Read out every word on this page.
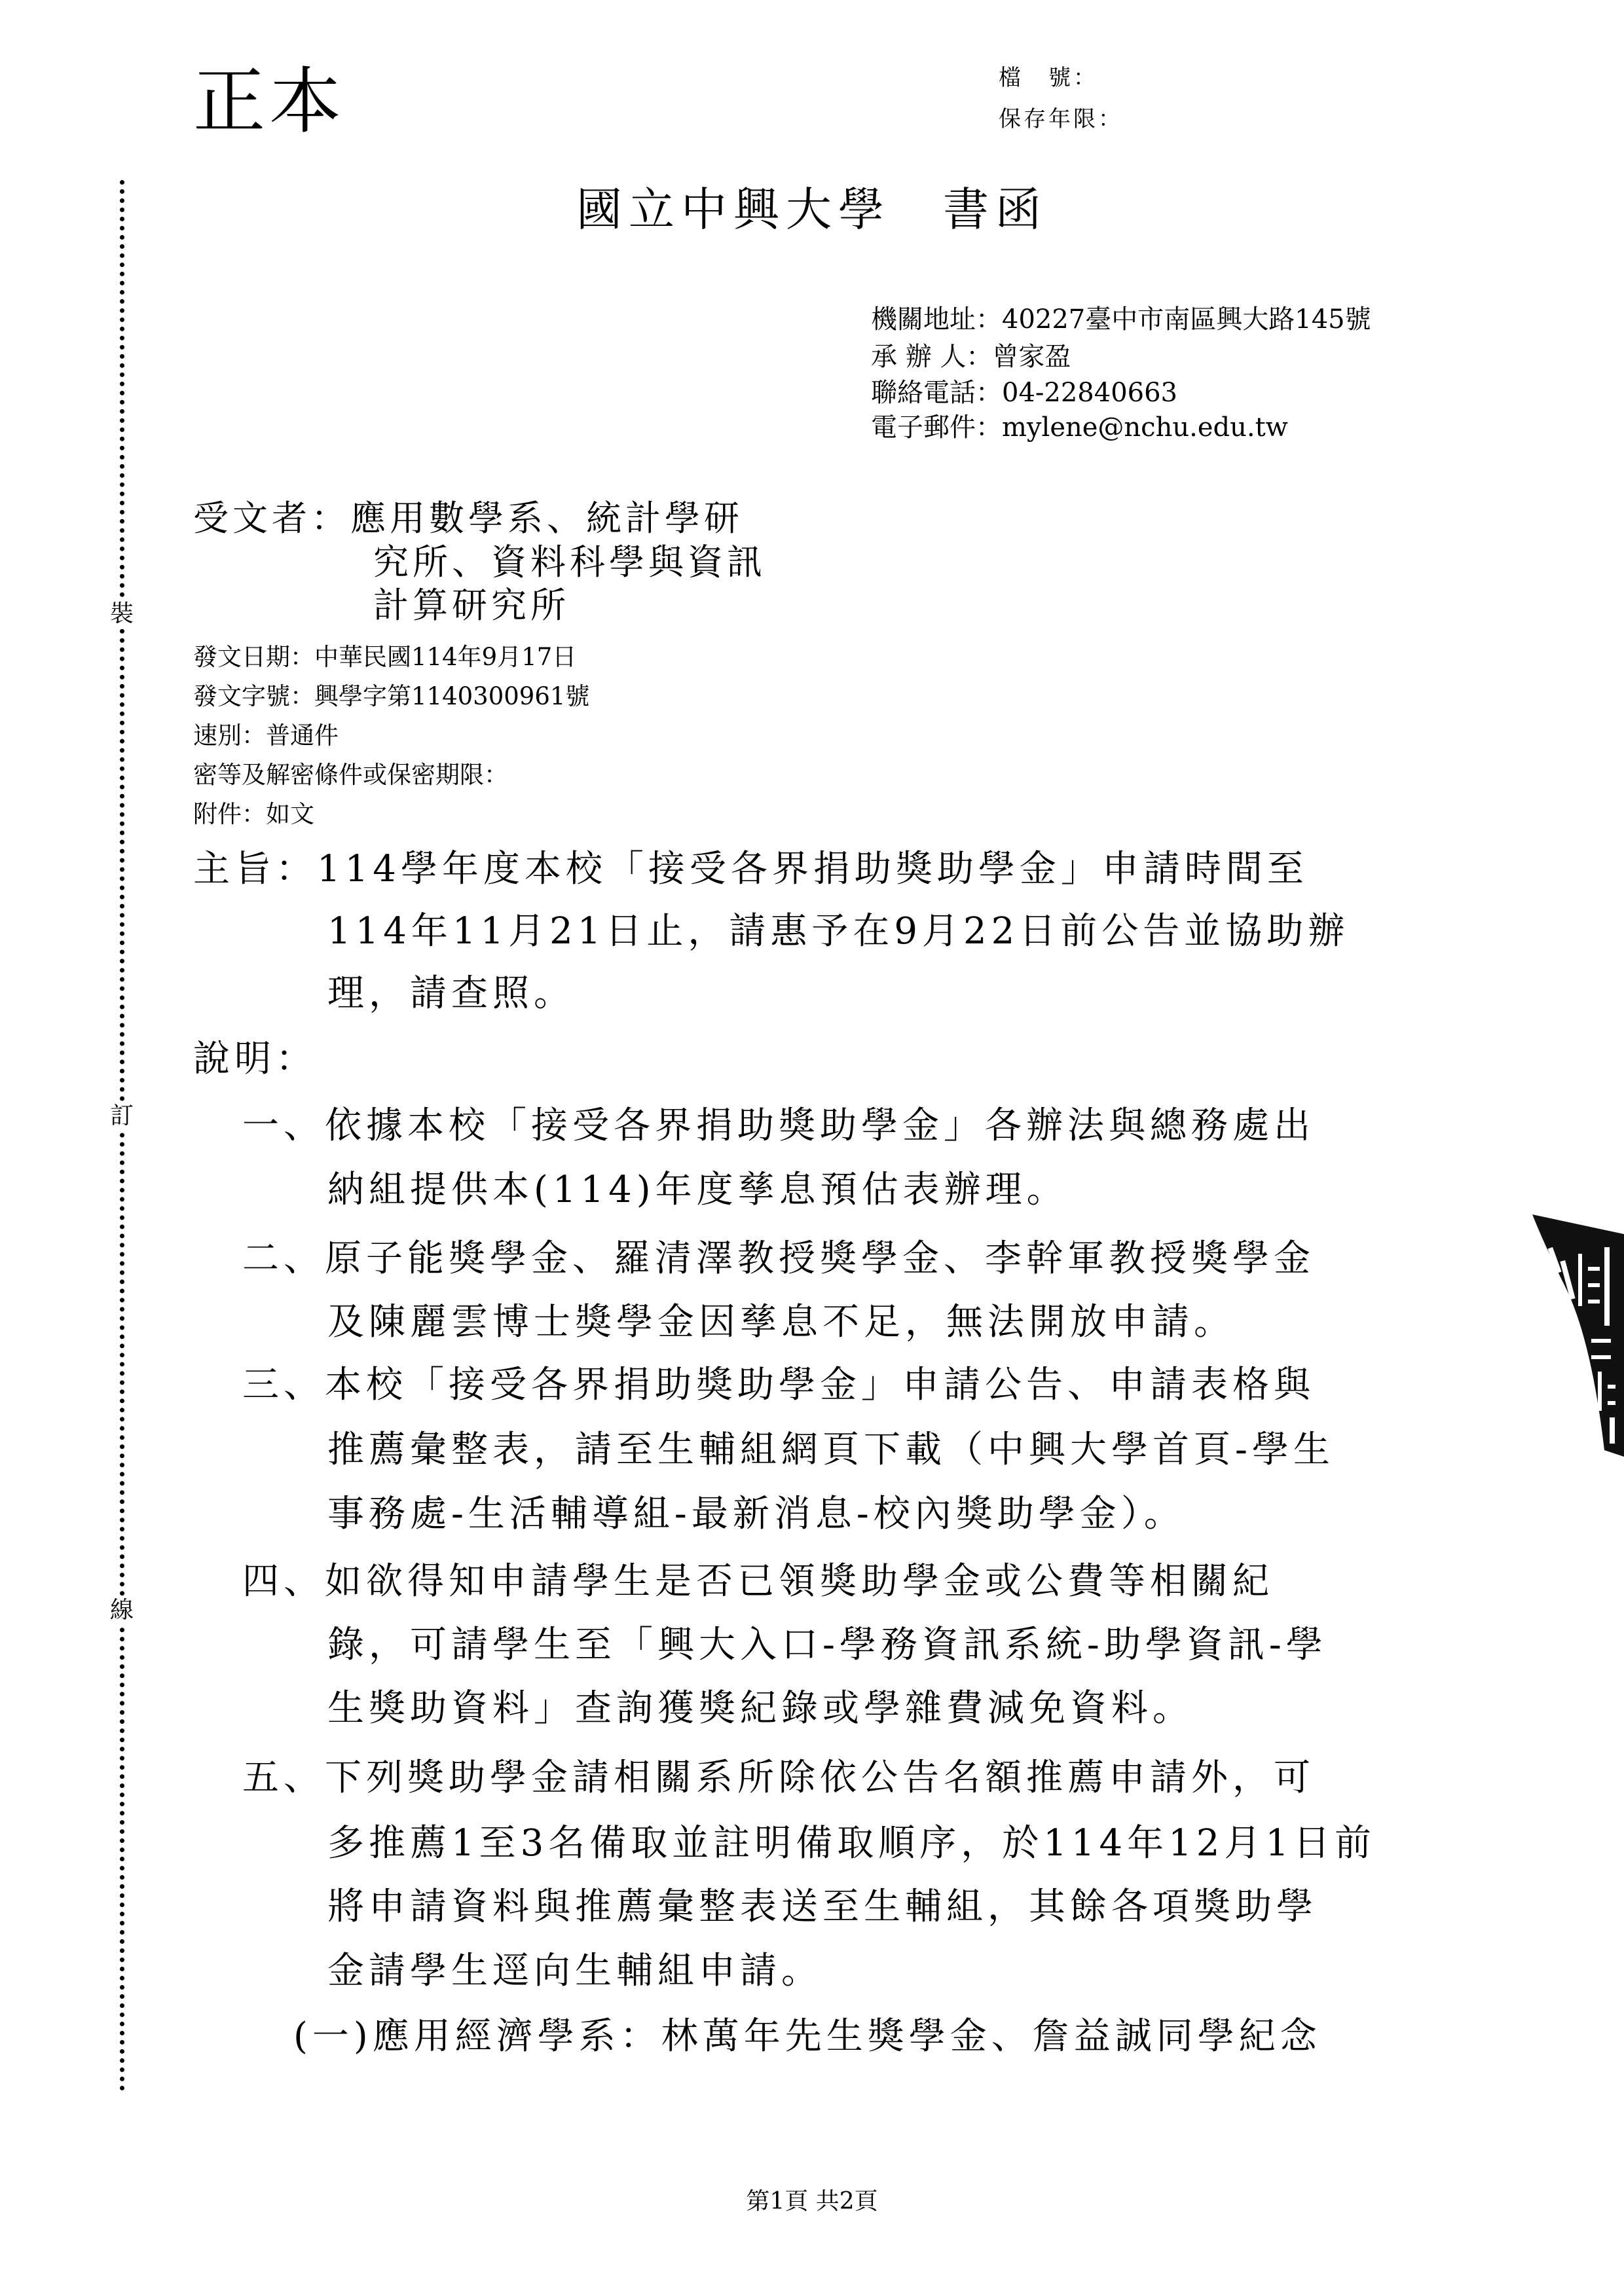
正本	檔　號：
保存年限：
裝
訂
線
國立中興大學　書函
機關地址：40227臺中市南區興大路145號
承 辦 人：曾家盈
聯絡電話：04-22840663
電子郵件：mylene@nchu.edu.tw
受文者：應用數學系、統計學研
究所、資料科學與資訊
計算研究所
發文日期：中華民國114年9月17日
發文字號：興學字第1140300961號
速別：普通件
密等及解密條件或保密期限：
附件：如文
主旨：114學年度本校「接受各界捐助獎助學金」申請時間至
114年11月21日止，請惠予在9月22日前公告並協助辦
理，請查照。
說明：
一、依據本校「接受各界捐助獎助學金」各辦法與總務處出
納組提供本(114)年度孳息預估表辦理。
二、原子能獎學金、羅清澤教授獎學金、李幹軍教授獎學金
及陳麗雲博士獎學金因孳息不足，無法開放申請。
三、本校「接受各界捐助獎助學金」申請公告、申請表格與
推薦彙整表，請至生輔組網頁下載（中興大學首頁-學生
事務處-生活輔導組-最新消息-校內獎助學金）。
四、如欲得知申請學生是否已領獎助學金或公費等相關紀
錄，可請學生至「興大入口-學務資訊系統-助學資訊-學
生獎助資料」查詢獲獎紀錄或學雜費減免資料。
五、下列獎助學金請相關系所除依公告名額推薦申請外，可
多推薦1至3名備取並註明備取順序，於114年12月1日前
將申請資料與推薦彙整表送至生輔組，其餘各項獎助學
金請學生逕向生輔組申請。
(一)應用經濟學系：林萬年先生獎學金、詹益誠同學紀念
第1頁 共2頁
